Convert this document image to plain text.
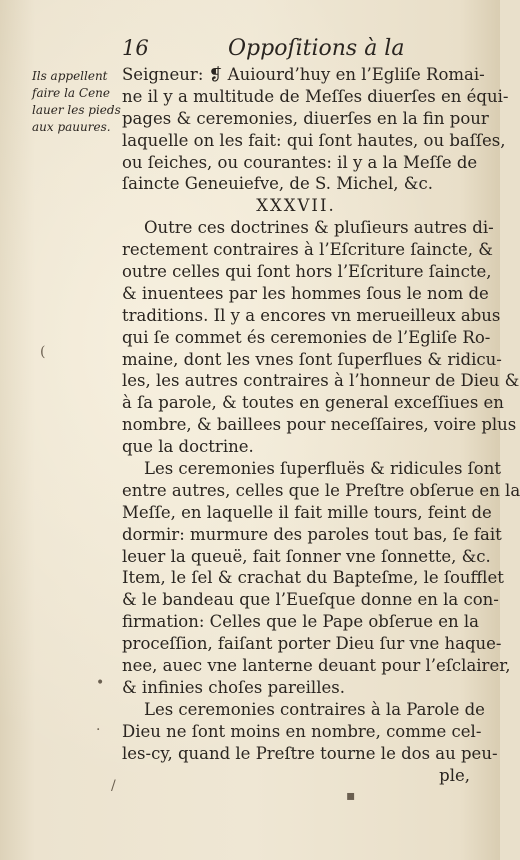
16	Oppoſitions à la
Ils appellent
faire la Cene
lauer les pieds
aux pauures.
Seigneur: ❡ Auiourd’huy en l’Egliſe Romai-
ne il y a multitude de Meſſes diuerſes en équi-
pages & ceremonies, diuerſes en la fin pour
laquelle on les fait: qui ſont hautes, ou baſſes,
ou ſeiches, ou courantes: il y a la Meſſe de
ſaincte Geneuiefve, de S. Michel, &c.
XXXVII.
Outre ces doctrines & pluſieurs autres di-
rectement contraires à l’Eſcriture ſaincte, &
outre celles qui ſont hors l’Eſcriture ſaincte,
& inuentees par les hommes ſous le nom de
traditions. Il y a encores vn merueilleux abus
qui ſe commet és ceremonies de l’Egliſe Ro-
maine, dont les vnes ſont ſuperflues & ridicu-
les, les autres contraires à l’honneur de Dieu &
à ſa parole, & toutes en general exceſſiues en
nombre, & baillees pour neceſſaires, voire plus
que la doctrine.
Les ceremonies ſuperfluës & ridicules ſont
entre autres, celles que le Preſtre obſerue en la
Meſſe, en laquelle il fait mille tours, feint de
dormir: murmure des paroles tout bas, ſe fait
leuer la queuë, fait ſonner vne ſonnette, &c.
Item, le ſel & crachat du Bapteſme, le ſoufflet
& le bandeau que l’Eueſque donne en la con-
firmation: Celles que le Pape obſerue en la
proceſſion, faiſant porter Dieu ſur vne haque-
nee, auec vne lanterne deuant pour l’eſclairer,
& infinies choſes pareilles.
Les ceremonies contraires à la Parole de
Dieu ne ſont moins en nombre, comme cel-
les-cy, quand le Preſtre tourne le dos au peu-
ple,
(
•
·
/
▪
